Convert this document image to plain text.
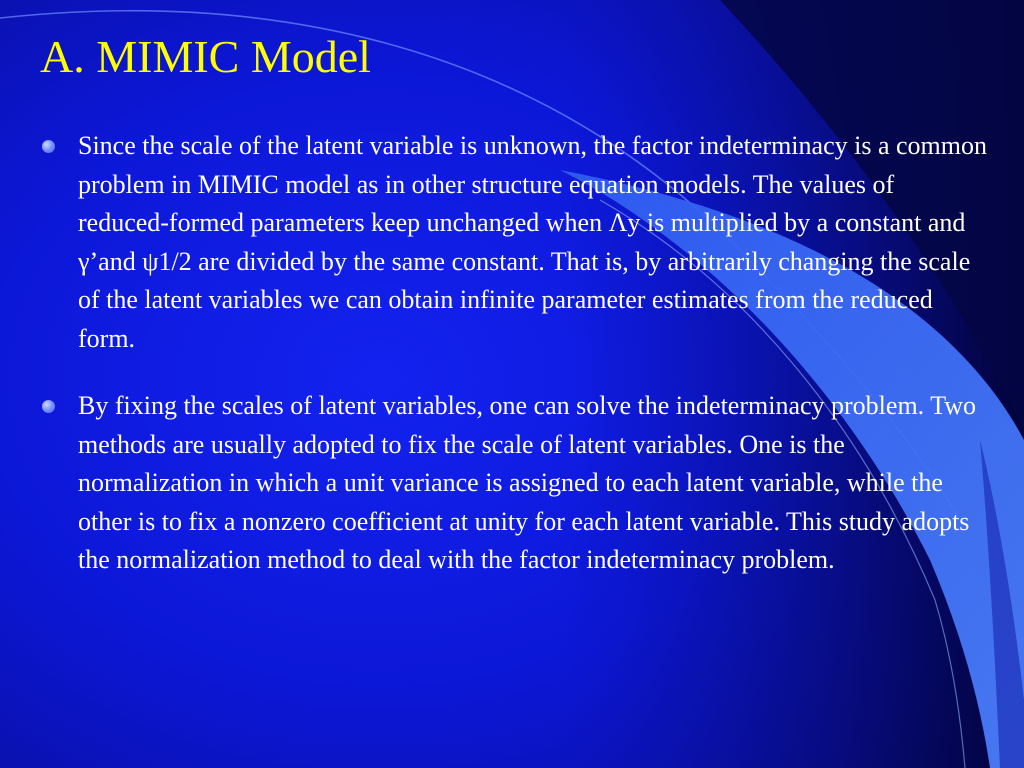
A. MIMIC Model
Since the scale of the latent variable is unknown, the factor indeterminacy is a common problem in MIMIC model as in other structure equation models. The values of reduced-formed parameters keep unchanged when Λy is multiplied by a constant and γ’and ψ1/2 are divided by the same constant. That is, by arbitrarily changing the scale of the latent variables we can obtain infinite parameter estimates from the reduced form.
By fixing the scales of latent variables, one can solve the indeterminacy problem. Two methods are usually adopted to fix the scale of latent variables. One is the normalization in which a unit variance is assigned to each latent variable, while the other is to fix a nonzero coefficient at unity for each latent variable. This study adopts the normalization method to deal with the factor indeterminacy problem.
